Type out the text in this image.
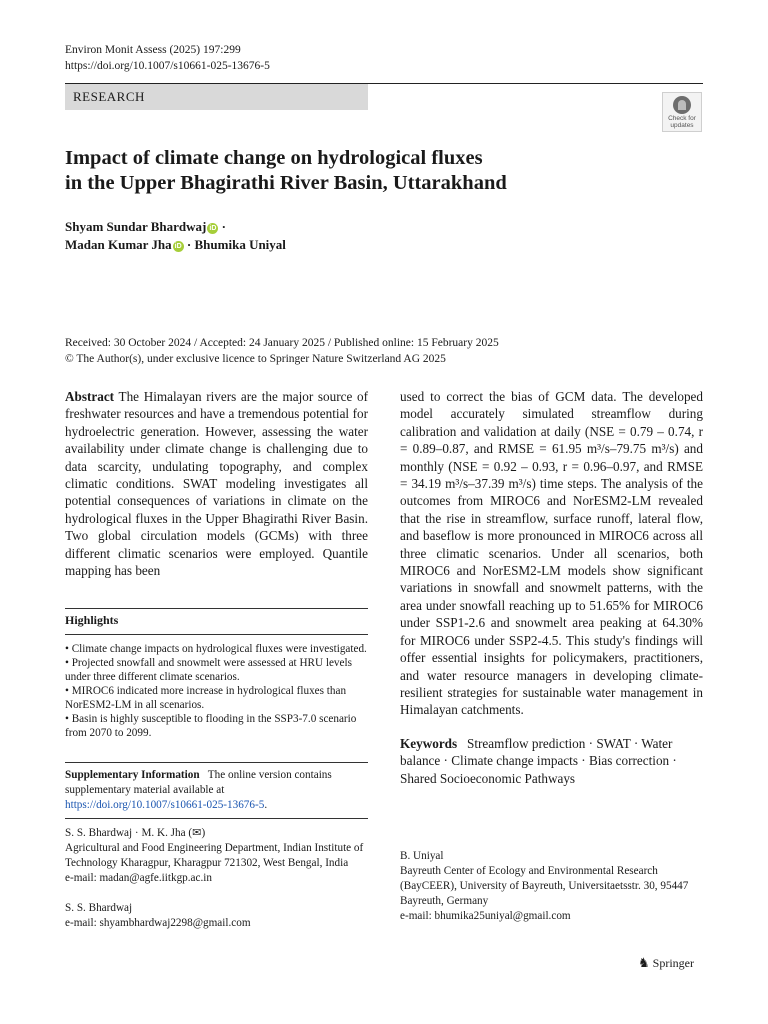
Environ Monit Assess (2025) 197:299
https://doi.org/10.1007/s10661-025-13676-5
RESEARCH
Check for updates
Impact of climate change on hydrological fluxes
in the Upper Bhagirathi River Basin, Uttarakhand
Shyam Sundar Bhardwaj iD ·
Madan Kumar Jha iD · Bhumika Uniyal
Received: 30 October 2024 / Accepted: 24 January 2025 / Published online: 15 February 2025
© The Author(s), under exclusive licence to Springer Nature Switzerland AG 2025
Abstract The Himalayan rivers are the major source of freshwater resources and have a tremendous potential for hydroelectric generation. However, assessing the water availability under climate change is challenging due to data scarcity, undulating topography, and complex climatic conditions. SWAT modeling investigates all potential consequences of variations in climate on the hydrological fluxes in the Upper Bhagirathi River Basin. Two global circulation models (GCMs) with three different climatic scenarios were employed. Quantile mapping has been
Highlights
• Climate change impacts on hydrological fluxes were investigated.
• Projected snowfall and snowmelt were assessed at HRU levels under three different climate scenarios.
• MIROC6 indicated more increase in hydrological fluxes than NorESM2-LM in all scenarios.
• Basin is highly susceptible to flooding in the SSP3-7.0 scenario from 2070 to 2099.
Supplementary Information The online version contains supplementary material available at https://doi.org/10.1007/s10661-025-13676-5.
S. S. Bhardwaj · M. K. Jha (✉)
Agricultural and Food Engineering Department, Indian Institute of Technology Kharagpur, Kharagpur 721302, West Bengal, India
e-mail: madan@agfe.iitkgp.ac.in
S. S. Bhardwaj
e-mail: shyambhardwaj2298@gmail.com
used to correct the bias of GCM data. The developed model accurately simulated streamflow during calibration and validation at daily (NSE = 0.79 – 0.74, r = 0.89–0.87, and RMSE = 61.95 m³/s–79.75 m³/s) and monthly (NSE = 0.92 – 0.93, r = 0.96–0.97, and RMSE = 34.19 m³/s–37.39 m³/s) time steps. The analysis of the outcomes from MIROC6 and NorESM2-LM revealed that the rise in streamflow, surface runoff, lateral flow, and baseflow is more pronounced in MIROC6 across all three climatic scenarios. Under all scenarios, both MIROC6 and NorESM2-LM models show significant variations in snowfall and snowmelt patterns, with the area under snowfall reaching up to 51.65% for MIROC6 under SSP1-2.6 and snowmelt area peaking at 64.30% for MIROC6 under SSP2-4.5. This study's findings will offer essential insights for policymakers, practitioners, and water resource managers in developing climate-resilient strategies for sustainable water management in Himalayan catchments.
Keywords Streamflow prediction · SWAT · Water balance · Climate change impacts · Bias correction · Shared Socioeconomic Pathways
B. Uniyal
Bayreuth Center of Ecology and Environmental Research (BayCEER), University of Bayreuth, Universitaetsstr. 30, 95447 Bayreuth, Germany
e-mail: bhumika25uniyal@gmail.com
♞ Springer
